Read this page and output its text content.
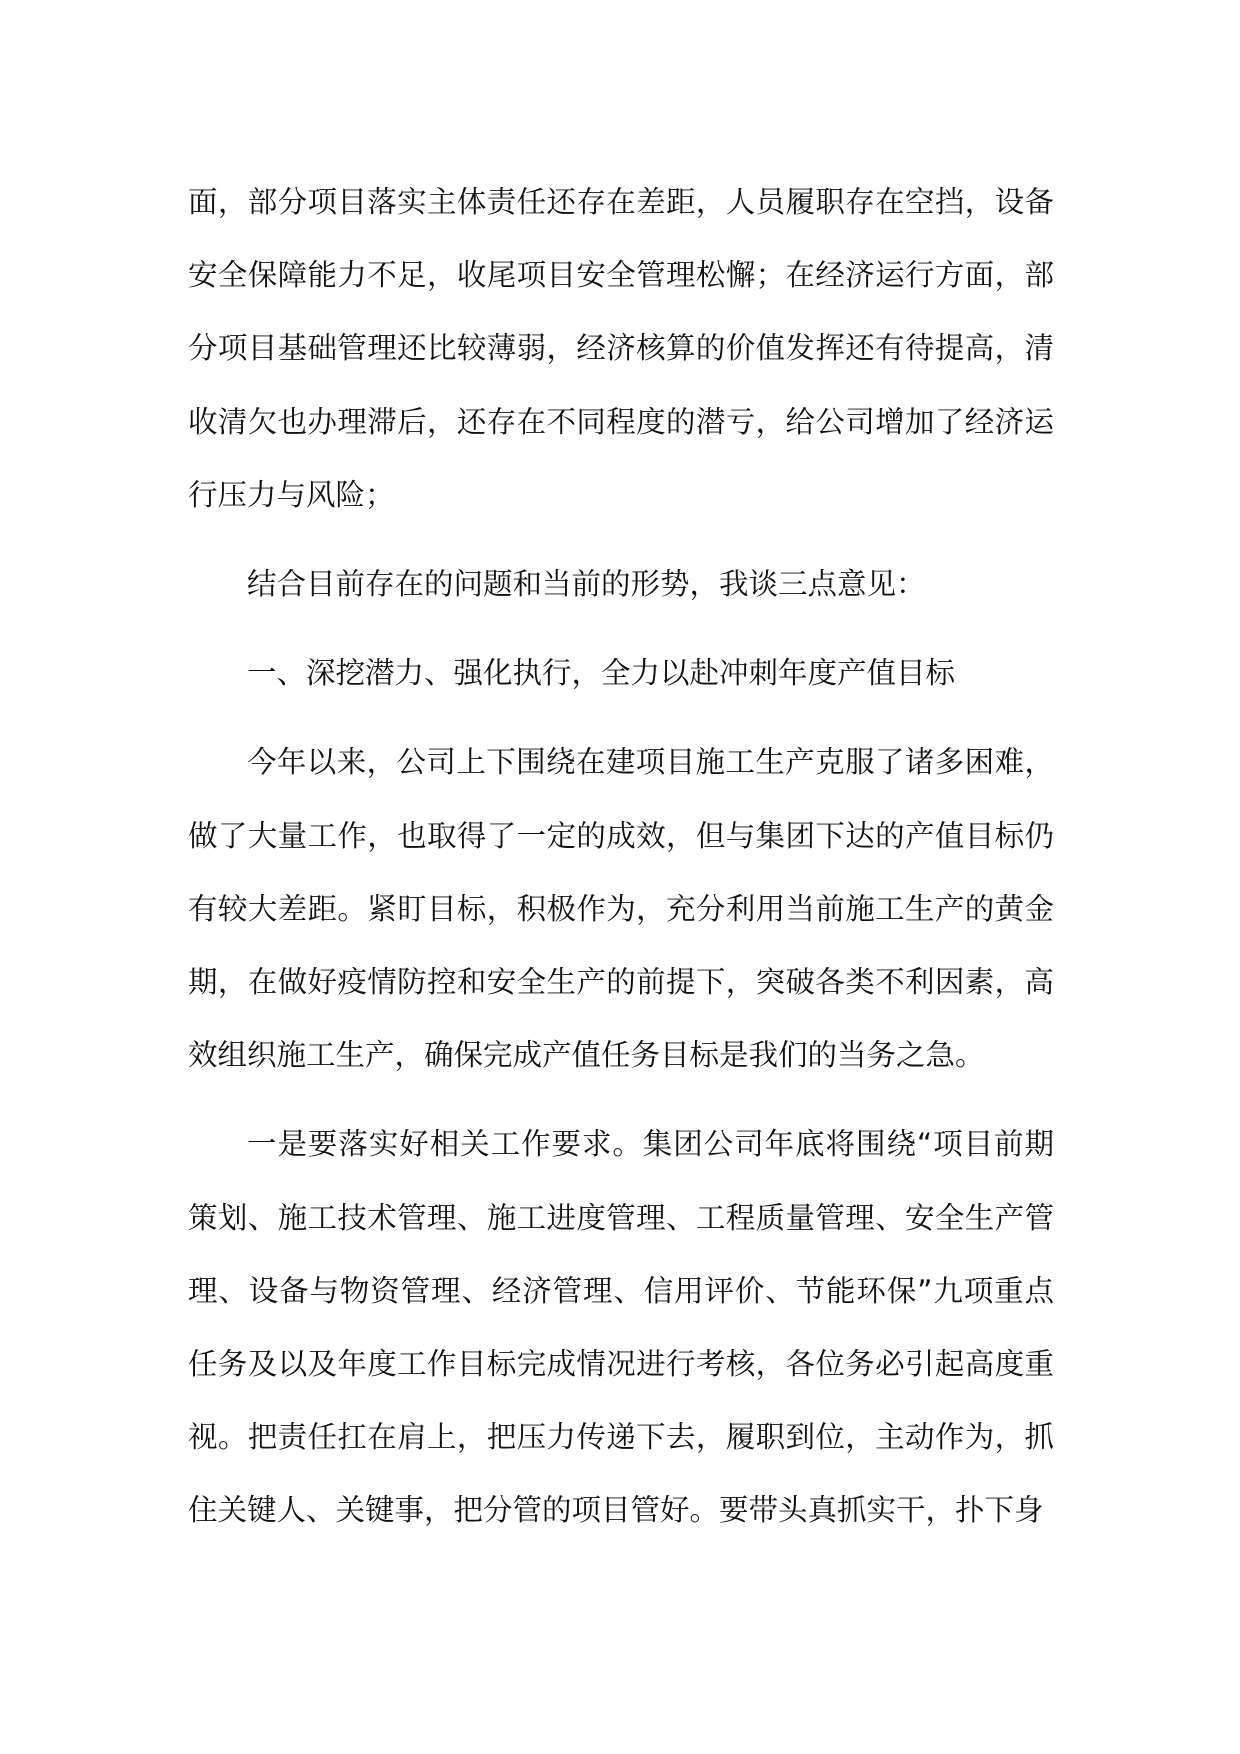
面，部分项目落实主体责任还存在差距，人员履职存在空挡，设备安全保障能力不足，收尾项目安全管理松懈；在经济运行方面，部分项目基础管理还比较薄弱，经济核算的价值发挥还有待提高，清收清欠也办理滞后，还存在不同程度的潜亏，给公司增加了经济运行压力与风险；

结合目前存在的问题和当前的形势，我谈三点意见：

一、深挖潜力、强化执行，全力以赴冲刺年度产值目标

今年以来，公司上下围绕在建项目施工生产克服了诸多困难，做了大量工作，也取得了一定的成效，但与集团下达的产值目标仍有较大差距。紧盯目标，积极作为，充分利用当前施工生产的黄金期，在做好疫情防控和安全生产的前提下，突破各类不利因素，高效组织施工生产，确保完成产值任务目标是我们的当务之急。

一是要落实好相关工作要求。集团公司年底将围绕“项目前期策划、施工技术管理、施工进度管理、工程质量管理、安全生产管理、设备与物资管理、经济管理、信用评价、节能环保”九项重点任务及以及年度工作目标完成情况进行考核，各位务必引起高度重视。把责任扛在肩上，把压力传递下去，履职到位，主动作为，抓住关键人、关键事，把分管的项目管好。要带头真抓实干，扑下身
